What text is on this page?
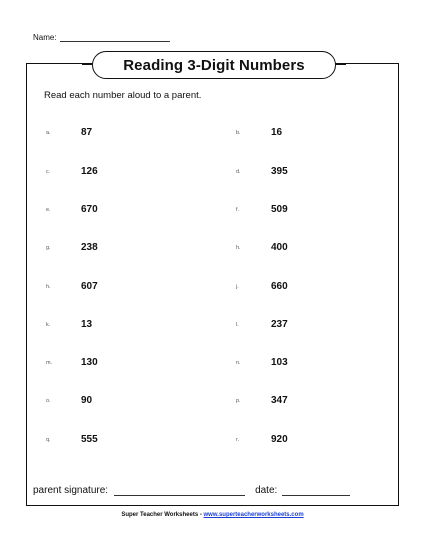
Name:
Reading 3-Digit Numbers
Read each number aloud to a parent.
a.	87
c.	126
e.	670
g.	238
h.	607
k.	13
m.	130
o.	90
q.	555
b.	16
d.	395
f.	509
h.	400
j.	660
l.	237
n.	103
p.	347
r.	920
parent signature:	date:
Super Teacher Worksheets - www.superteacherworksheets.com
